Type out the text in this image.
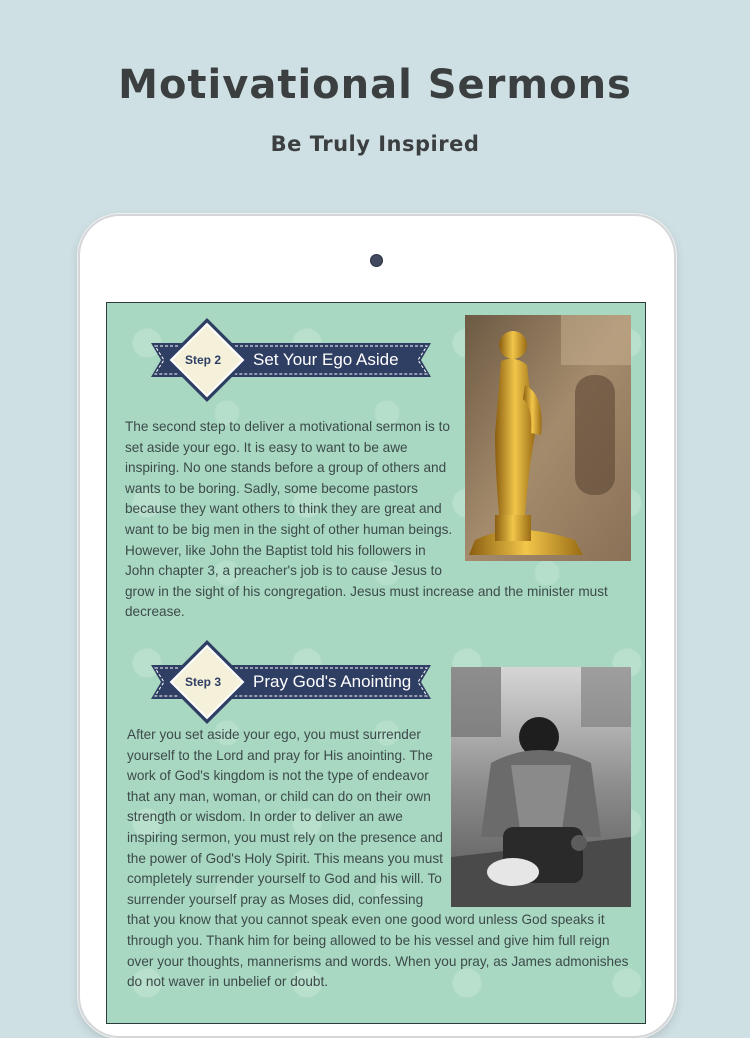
Motivational Sermons
Be Truly Inspired
Step 2 Set Your Ego Aside

The second step to deliver a motivational sermon is to set aside your ego. It is easy to want to be awe inspiring. No one stands before a group of others and wants to be boring. Sadly, some become pastors because they want others to think they are great and want to be big men in the sight of other human beings. However, like John the Baptist told his followers in John chapter 3, a preacher's job is to cause Jesus to grow in the sight of his congregation. Jesus must increase and the minister must decrease.

Step 3 Pray God's Anointing

After you set aside your ego, you must surrender yourself to the Lord and pray for His anointing. The work of God's kingdom is not the type of endeavor that any man, woman, or child can do on their own strength or wisdom. In order to deliver an awe inspiring sermon, you must rely on the presence and the power of God's Holy Spirit. This means you must completely surrender yourself to God and his will. To surrender yourself pray as Moses did, confessing that you know that you cannot speak even one good word unless God speaks it through you. Thank him for being allowed to be his vessel and give him full reign over your thoughts, mannerisms and words. When you pray, as James admonishes do not waver in unbelief or doubt.
